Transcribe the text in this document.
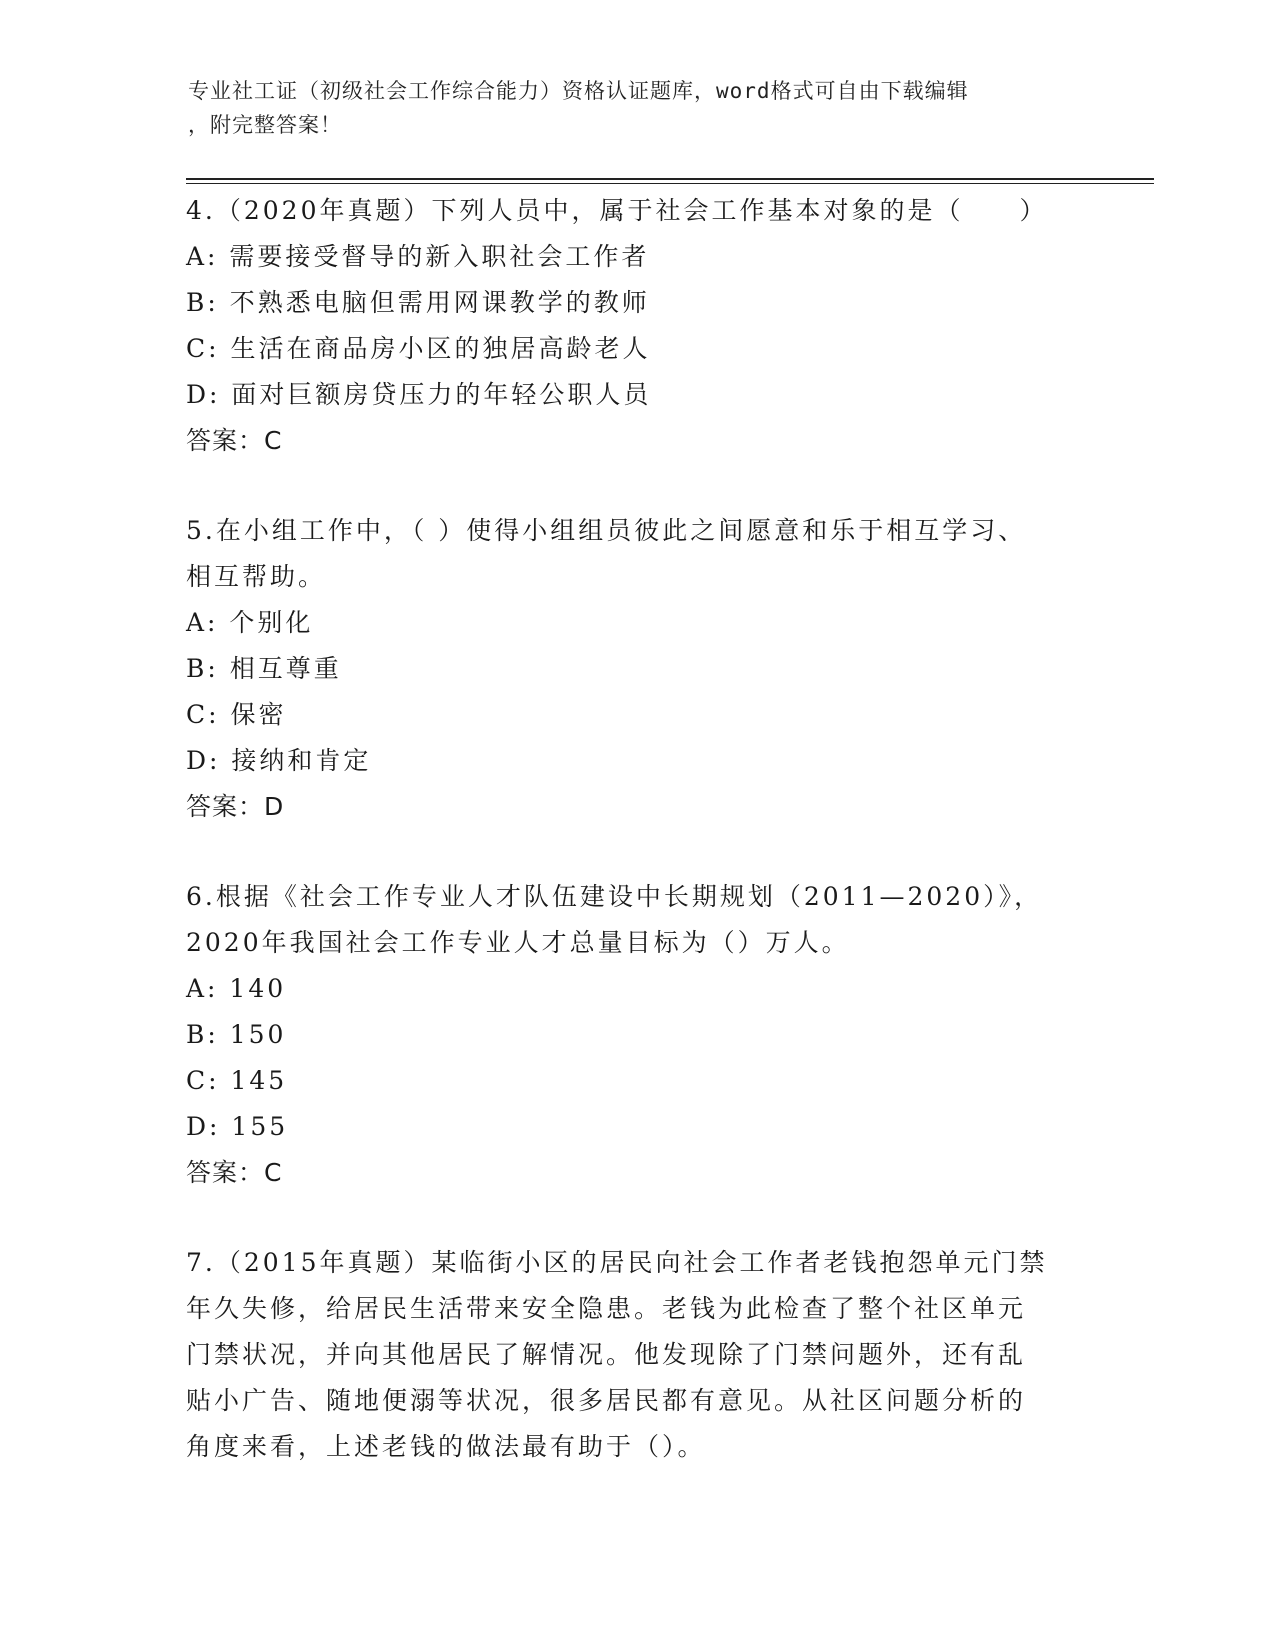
专业社工证（初级社会工作综合能力）资格认证题库，word格式可自由下载编辑
，附完整答案！

4.（2020年真题）下列人员中，属于社会工作基本对象的是（　　）

A: 需要接受督导的新入职社会工作者

B: 不熟悉电脑但需用网课教学的教师

C: 生活在商品房小区的独居高龄老人

D: 面对巨额房贷压力的年轻公职人员

答案：C

5.在小组工作中，（ ）使得小组组员彼此之间愿意和乐于相互学习、

相互帮助。

A: 个别化

B: 相互尊重

C: 保密

D: 接纳和肯定

答案：D

6.根据《社会工作专业人才队伍建设中长期规划（2011—2020）》，

2020年我国社会工作专业人才总量目标为（）万人。

A: 140

B: 150

C: 145

D: 155

答案：C

7.（2015年真题）某临街小区的居民向社会工作者老钱抱怨单元门禁

年久失修，给居民生活带来安全隐患。老钱为此检查了整个社区单元

门禁状况，并向其他居民了解情况。他发现除了门禁问题外，还有乱

贴小广告、随地便溺等状况，很多居民都有意见。从社区问题分析的

角度来看，上述老钱的做法最有助于（）。
